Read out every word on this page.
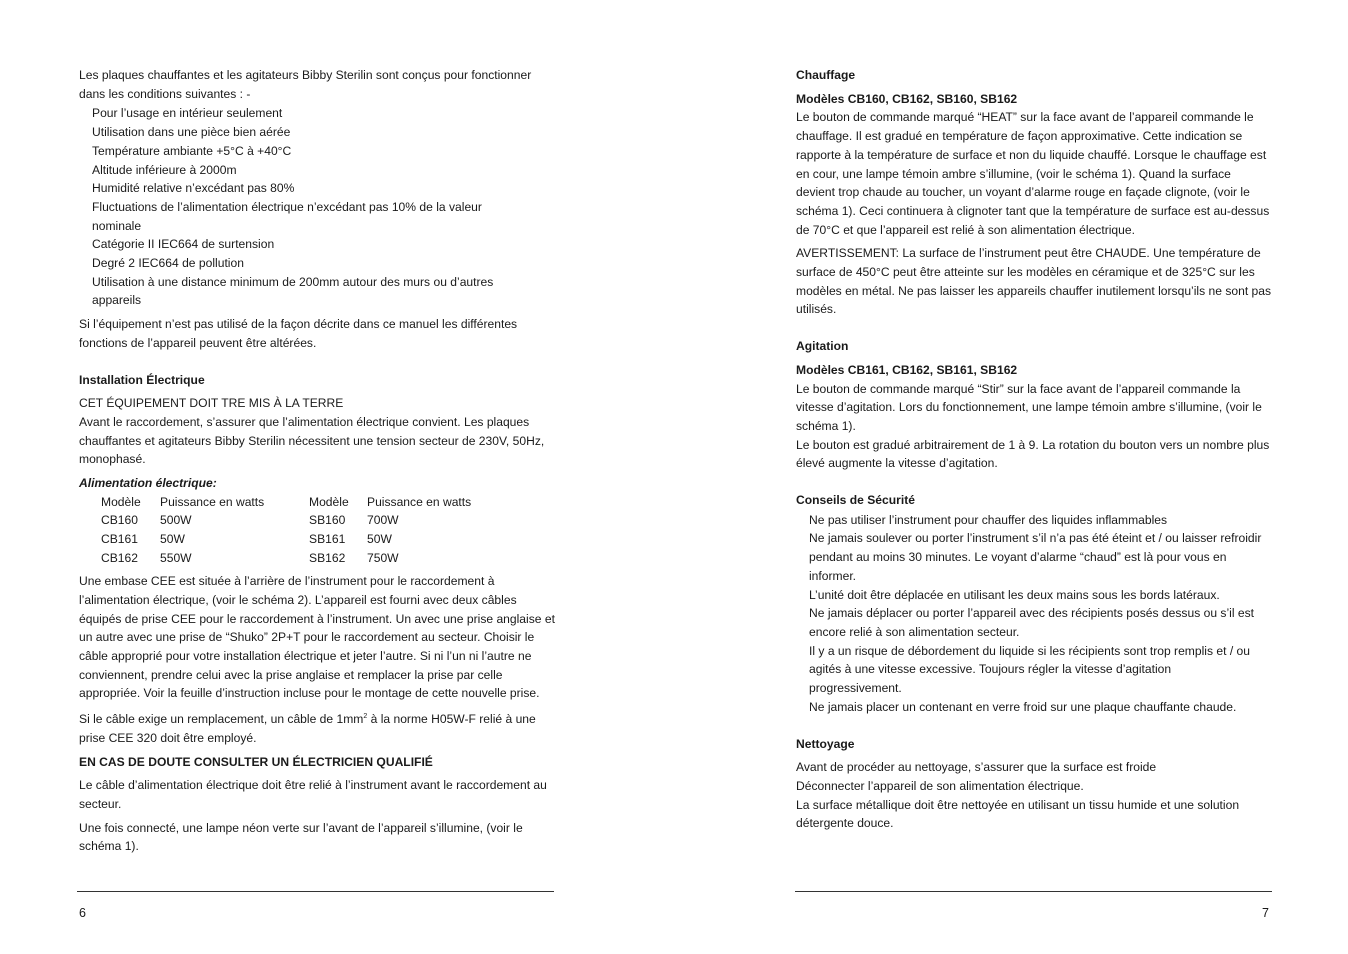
Les plaques chauffantes et les agitateurs Bibby Sterilin sont conçus pour fonctionner dans les conditions suivantes : -

Pour l’usage en intérieur seulement
Utilisation dans une pièce bien aérée
Température ambiante +5°C à +40°C
Altitude inférieure à 2000m
Humidité relative n’excédant pas 80%
Fluctuations de l’alimentation électrique n’excédant pas 10% de la valeur nominale
Catégorie II IEC664 de surtension
Degré 2 IEC664 de pollution
Utilisation à une distance minimum de 200mm autour des murs ou d’autres appareils

Si l’équipement n’est pas utilisé de la façon décrite dans ce manuel les différentes fonctions de l’appareil peuvent être altérées.

Installation Électrique

CET ÉQUIPEMENT DOIT TRE MIS À LA TERRE

Avant le raccordement, s’assurer que l’alimentation électrique convient. Les plaques chauffantes et agitateurs Bibby Sterilin nécessitent une tension secteur de 230V, 50Hz, monophasé.

Alimentation électrique:
Modèle	Puissance en watts	Modèle	Puissance en watts
CB160	500W	SB160	700W
CB161	50W	SB161	50W
CB162	550W	SB162	750W

Une embase CEE est située à l’arrière de l’instrument pour le raccordement à l’alimentation électrique, (voir le schéma 2). L’appareil est fourni avec deux câbles équipés de prise CEE pour le raccordement à l’instrument. Un avec une prise anglaise et un autre avec une prise de “Shuko” 2P+T pour le raccordement au secteur. Choisir le câble approprié pour votre installation électrique et jeter l’autre. Si ni l’un ni l’autre ne conviennent, prendre celui avec la prise anglaise et remplacer la prise par celle appropriée. Voir la feuille d’instruction incluse pour le montage de cette nouvelle prise.

Si le câble exige un remplacement, un câble de $1mm^2$ à la norme H05W-F relié à une prise CEE 320 doit être employé.

EN CAS DE DOUTE CONSULTER UN ÉLECTRICIEN QUALIFIÉ

Le câble d’alimentation électrique doit être relié à l’instrument avant le raccordement au secteur.

Une fois connecté, une lampe néon verte sur l’avant de l’appareil s’illumine, (voir le schéma 1).

Chauffage
Modèles CB160, CB162, SB160, SB162

Le bouton de commande marqué “HEAT” sur la face avant de l’appareil commande le chauffage. Il est gradué en température de façon approximative. Cette indication se rapporte à la température de surface et non du liquide chauffé. Lorsque le chauffage est en cour, une lampe témoin ambre s’illumine, (voir le schéma 1). Quand la surface devient trop chaude au toucher, un voyant d’alarme rouge en façade clignote, (voir le schéma 1). Ceci continuera à clignoter tant que la température de surface est au-dessus de 70°C et que l’appareil est relié à son alimentation électrique.

AVERTISSEMENT: La surface de l’instrument peut être CHAUDE. Une température de surface de 450°C peut être atteinte sur les modèles en céramique et de 325°C sur les modèles en métal. Ne pas laisser les appareils chauffer inutilement lorsqu’ils ne sont pas utilisés.

Agitation
Modèles CB161, CB162, SB161, SB162

Le bouton de commande marqué “Stir” sur la face avant de l’appareil commande la vitesse d’agitation. Lors du fonctionnement, une lampe témoin ambre s’illumine, (voir le schéma 1).

Le bouton est gradué arbitrairement de 1 à 9. La rotation du bouton vers un nombre plus élevé augmente la vitesse d’agitation.

Conseils de Sécurité
Ne pas utiliser l’instrument pour chauffer des liquides inflammables
Ne jamais soulever ou porter l’instrument s’il n’a pas été éteint et / ou laisser refroidir pendant au moins 30 minutes. Le voyant d’alarme “chaud” est là pour vous en informer.
L’unité doit être déplacée en utilisant les deux mains sous les bords latéraux.
Ne jamais déplacer ou porter l’appareil avec des récipients posés dessus ou s’il est encore relié à son alimentation secteur.
Il y a un risque de débordement du liquide si les récipients sont trop remplis et / ou agités à une vitesse excessive. Toujours régler la vitesse d’agitation progressivement.
Ne jamais placer un contenant en verre froid sur une plaque chauffante chaude.
Nettoyage

Avant de procéder au nettoyage, s’assurer que la surface est froide

Déconnecter l’appareil de son alimentation électrique.

La surface métallique doit être nettoyée en utilisant un tissu humide et une solution détergente douce.

6	7
